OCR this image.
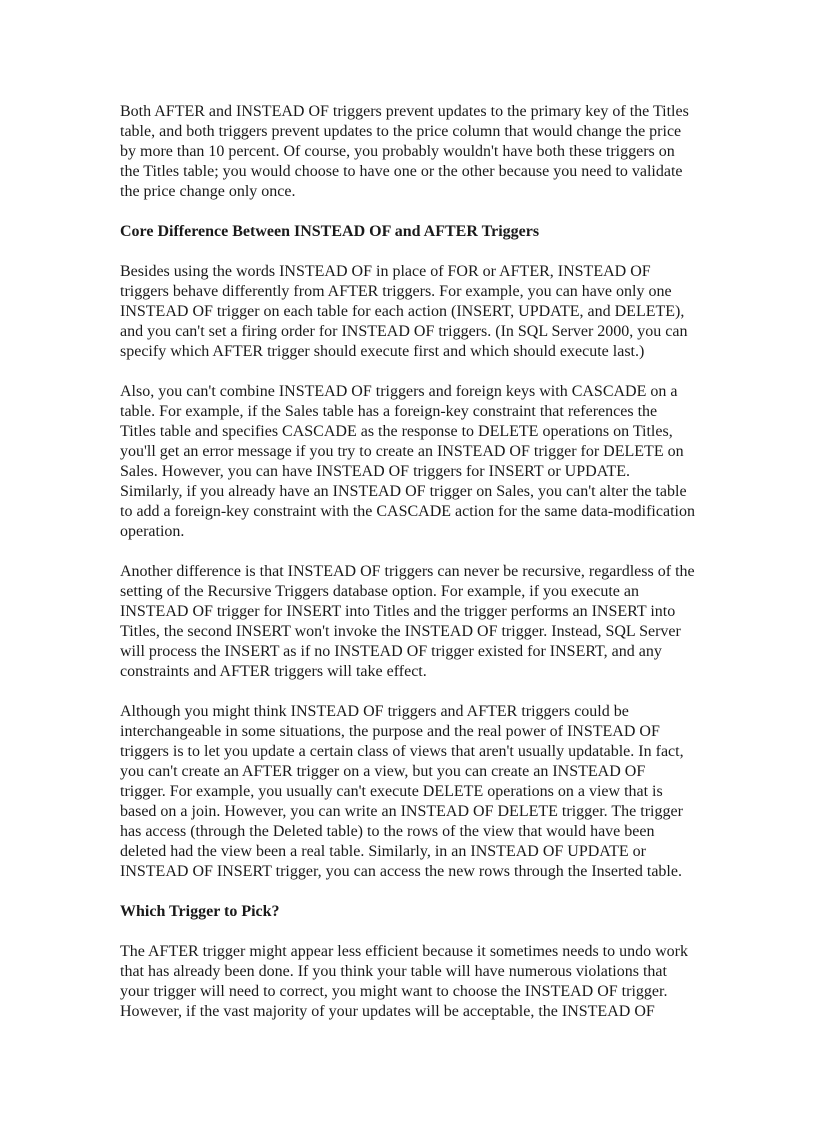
Both AFTER and INSTEAD OF triggers prevent updates to the primary key of the Titles
table, and both triggers prevent updates to the price column that would change the price
by more than 10 percent. Of course, you probably wouldn't have both these triggers on
the Titles table; you would choose to have one or the other because you need to validate
the price change only once.

Core Difference Between INSTEAD OF and AFTER Triggers

Besides using the words INSTEAD OF in place of FOR or AFTER, INSTEAD OF
triggers behave differently from AFTER triggers. For example, you can have only one
INSTEAD OF trigger on each table for each action (INSERT, UPDATE, and DELETE),
and you can't set a firing order for INSTEAD OF triggers. (In SQL Server 2000, you can
specify which AFTER trigger should execute first and which should execute last.)

Also, you can't combine INSTEAD OF triggers and foreign keys with CASCADE on a
table. For example, if the Sales table has a foreign-key constraint that references the
Titles table and specifies CASCADE as the response to DELETE operations on Titles,
you'll get an error message if you try to create an INSTEAD OF trigger for DELETE on
Sales. However, you can have INSTEAD OF triggers for INSERT or UPDATE.
Similarly, if you already have an INSTEAD OF trigger on Sales, you can't alter the table
to add a foreign-key constraint with the CASCADE action for the same data-modification
operation.

Another difference is that INSTEAD OF triggers can never be recursive, regardless of the
setting of the Recursive Triggers database option. For example, if you execute an
INSTEAD OF trigger for INSERT into Titles and the trigger performs an INSERT into
Titles, the second INSERT won't invoke the INSTEAD OF trigger. Instead, SQL Server
will process the INSERT as if no INSTEAD OF trigger existed for INSERT, and any
constraints and AFTER triggers will take effect.

Although you might think INSTEAD OF triggers and AFTER triggers could be
interchangeable in some situations, the purpose and the real power of INSTEAD OF
triggers is to let you update a certain class of views that aren't usually updatable. In fact,
you can't create an AFTER trigger on a view, but you can create an INSTEAD OF
trigger. For example, you usually can't execute DELETE operations on a view that is
based on a join. However, you can write an INSTEAD OF DELETE trigger. The trigger
has access (through the Deleted table) to the rows of the view that would have been
deleted had the view been a real table. Similarly, in an INSTEAD OF UPDATE or
INSTEAD OF INSERT trigger, you can access the new rows through the Inserted table.

Which Trigger to Pick?

The AFTER trigger might appear less efficient because it sometimes needs to undo work
that has already been done. If you think your table will have numerous violations that
your trigger will need to correct, you might want to choose the INSTEAD OF trigger.
However, if the vast majority of your updates will be acceptable, the INSTEAD OF
